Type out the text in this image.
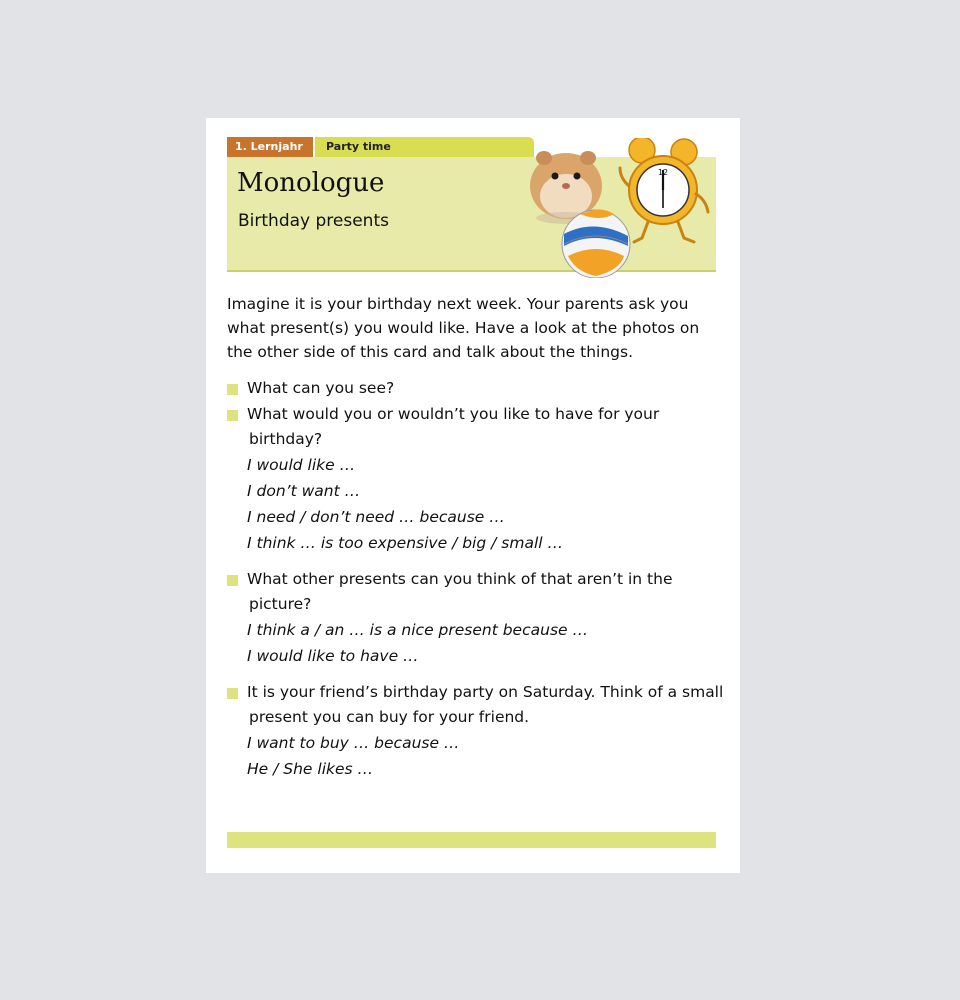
1. Lernjahr	Party time
Monologue
Birthday presents
12

Imagine it is your birthday next week. Your parents ask you what present(s) you would like. Have a look at the photos on the other side of this card and talk about the things.

What can you see?
What would you or wouldn’t you like to have for your
birthday?
I would like …
I don’t want …
I need / don’t need … because …
I think … is too expensive / big / small …
What other presents can you think of that aren’t in the
picture?
I think a / an … is a nice present because …
I would like to have …
It is your friend’s birthday party on Saturday. Think of a small
present you can buy for your friend.
I want to buy … because …
He / She likes …
